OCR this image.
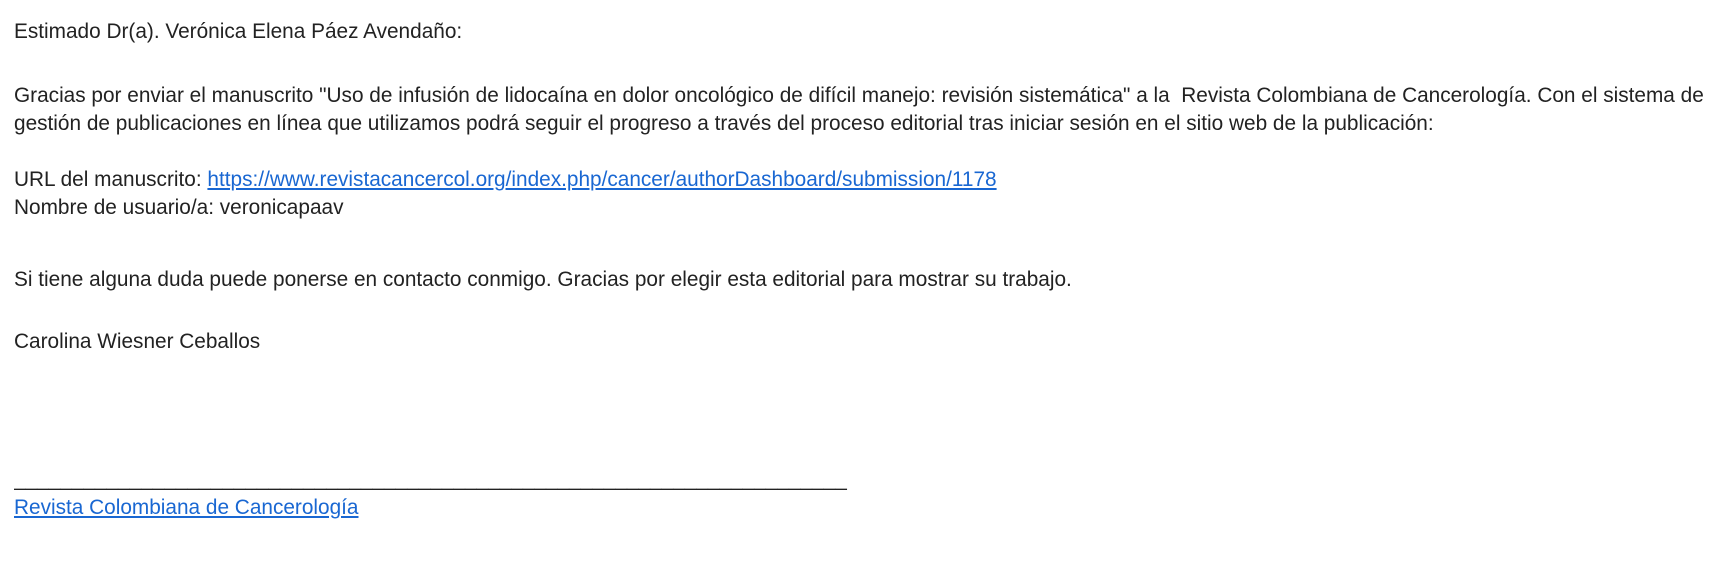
Estimado Dr(a). Verónica Elena Páez Avendaño:
Gracias por enviar el manuscrito "Uso de infusión de lidocaína en dolor oncológico de difícil manejo: revisión sistemática" a la  Revista Colombiana de Cancerología. Con el sistema de gestión de publicaciones en línea que utilizamos podrá seguir el progreso a través del proceso editorial tras iniciar sesión en el sitio web de la publicación:
URL del manuscrito: https://www.revistacancercol.org/index.php/cancer/authorDashboard/submission/1178
Nombre de usuario/a: veronicapaav
Si tiene alguna duda puede ponerse en contacto conmigo. Gracias por elegir esta editorial para mostrar su trabajo.
Carolina Wiesner Ceballos
________________________________________________________________________
Revista Colombiana de Cancerología
